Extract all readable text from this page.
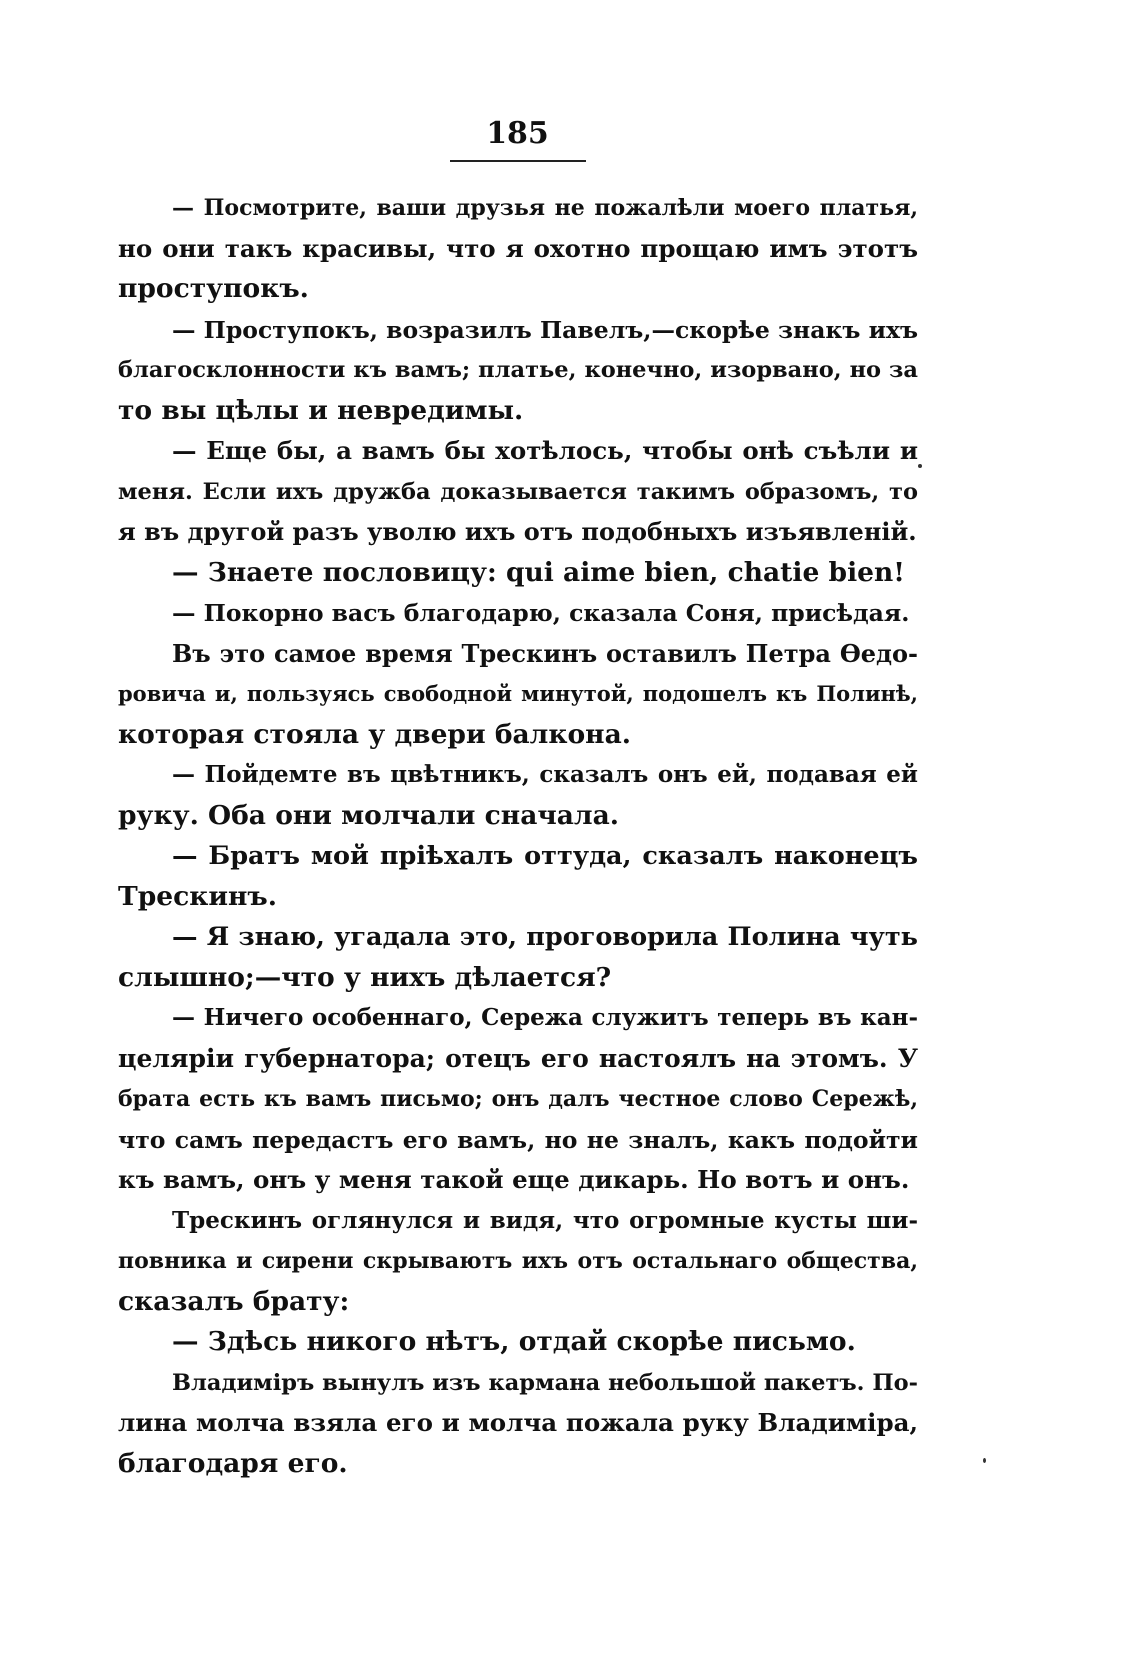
185
— Посмотрите, ваши друзья не пожалѣли моего платья,
но они такъ красивы, что я охотно прощаю имъ этотъ
проступокъ.
— Проступокъ, возразилъ Павелъ,—скорѣе знакъ ихъ
благосклонности къ вамъ; платье, конечно, изорвано, но за
то вы цѣлы и невредимы.
— Еще бы, а вамъ бы хотѣлось, чтобы онѣ съѣли и
меня. Если ихъ дружба доказывается такимъ образомъ, то
я въ другой разъ уволю ихъ отъ подобныхъ изъявленій.
— Знаете пословицу: qui aime bien, chatie bien!
— Покорно васъ благодарю, сказала Соня, присѣдая.
Въ это самое время Трескинъ оставилъ Петра Өедо-
ровича и, пользуясь свободной минутой, подошелъ къ Полинѣ,
которая стояла у двери балкона.
— Пойдемте въ цвѣтникъ, сказалъ онъ ей, подавая ей
руку. Оба они молчали сначала.
— Братъ мой пріѣхалъ оттуда, сказалъ наконецъ
Трескинъ.
— Я знаю, угадала это, проговорила Полина чуть
слышно;—что у нихъ дѣлается?
— Ничего особеннаго, Сережа служитъ теперь въ кан-
целяріи губернатора; отецъ его настоялъ на этомъ. У
брата есть къ вамъ письмо; онъ далъ честное слово Сережѣ,
что самъ передастъ его вамъ, но не зналъ, какъ подойти
къ вамъ, онъ у меня такой еще дикарь. Но вотъ и онъ.
Трескинъ оглянулся и видя, что огромные кусты ши-
повника и сирени скрываютъ ихъ отъ остальнаго общества,
сказалъ брату:
— Здѣсь никого нѣтъ, отдай скорѣе письмо.
Владиміръ вынулъ изъ кармана небольшой пакетъ. По-
лина молча взяла его и молча пожала руку Владиміра,
благодаря его.
